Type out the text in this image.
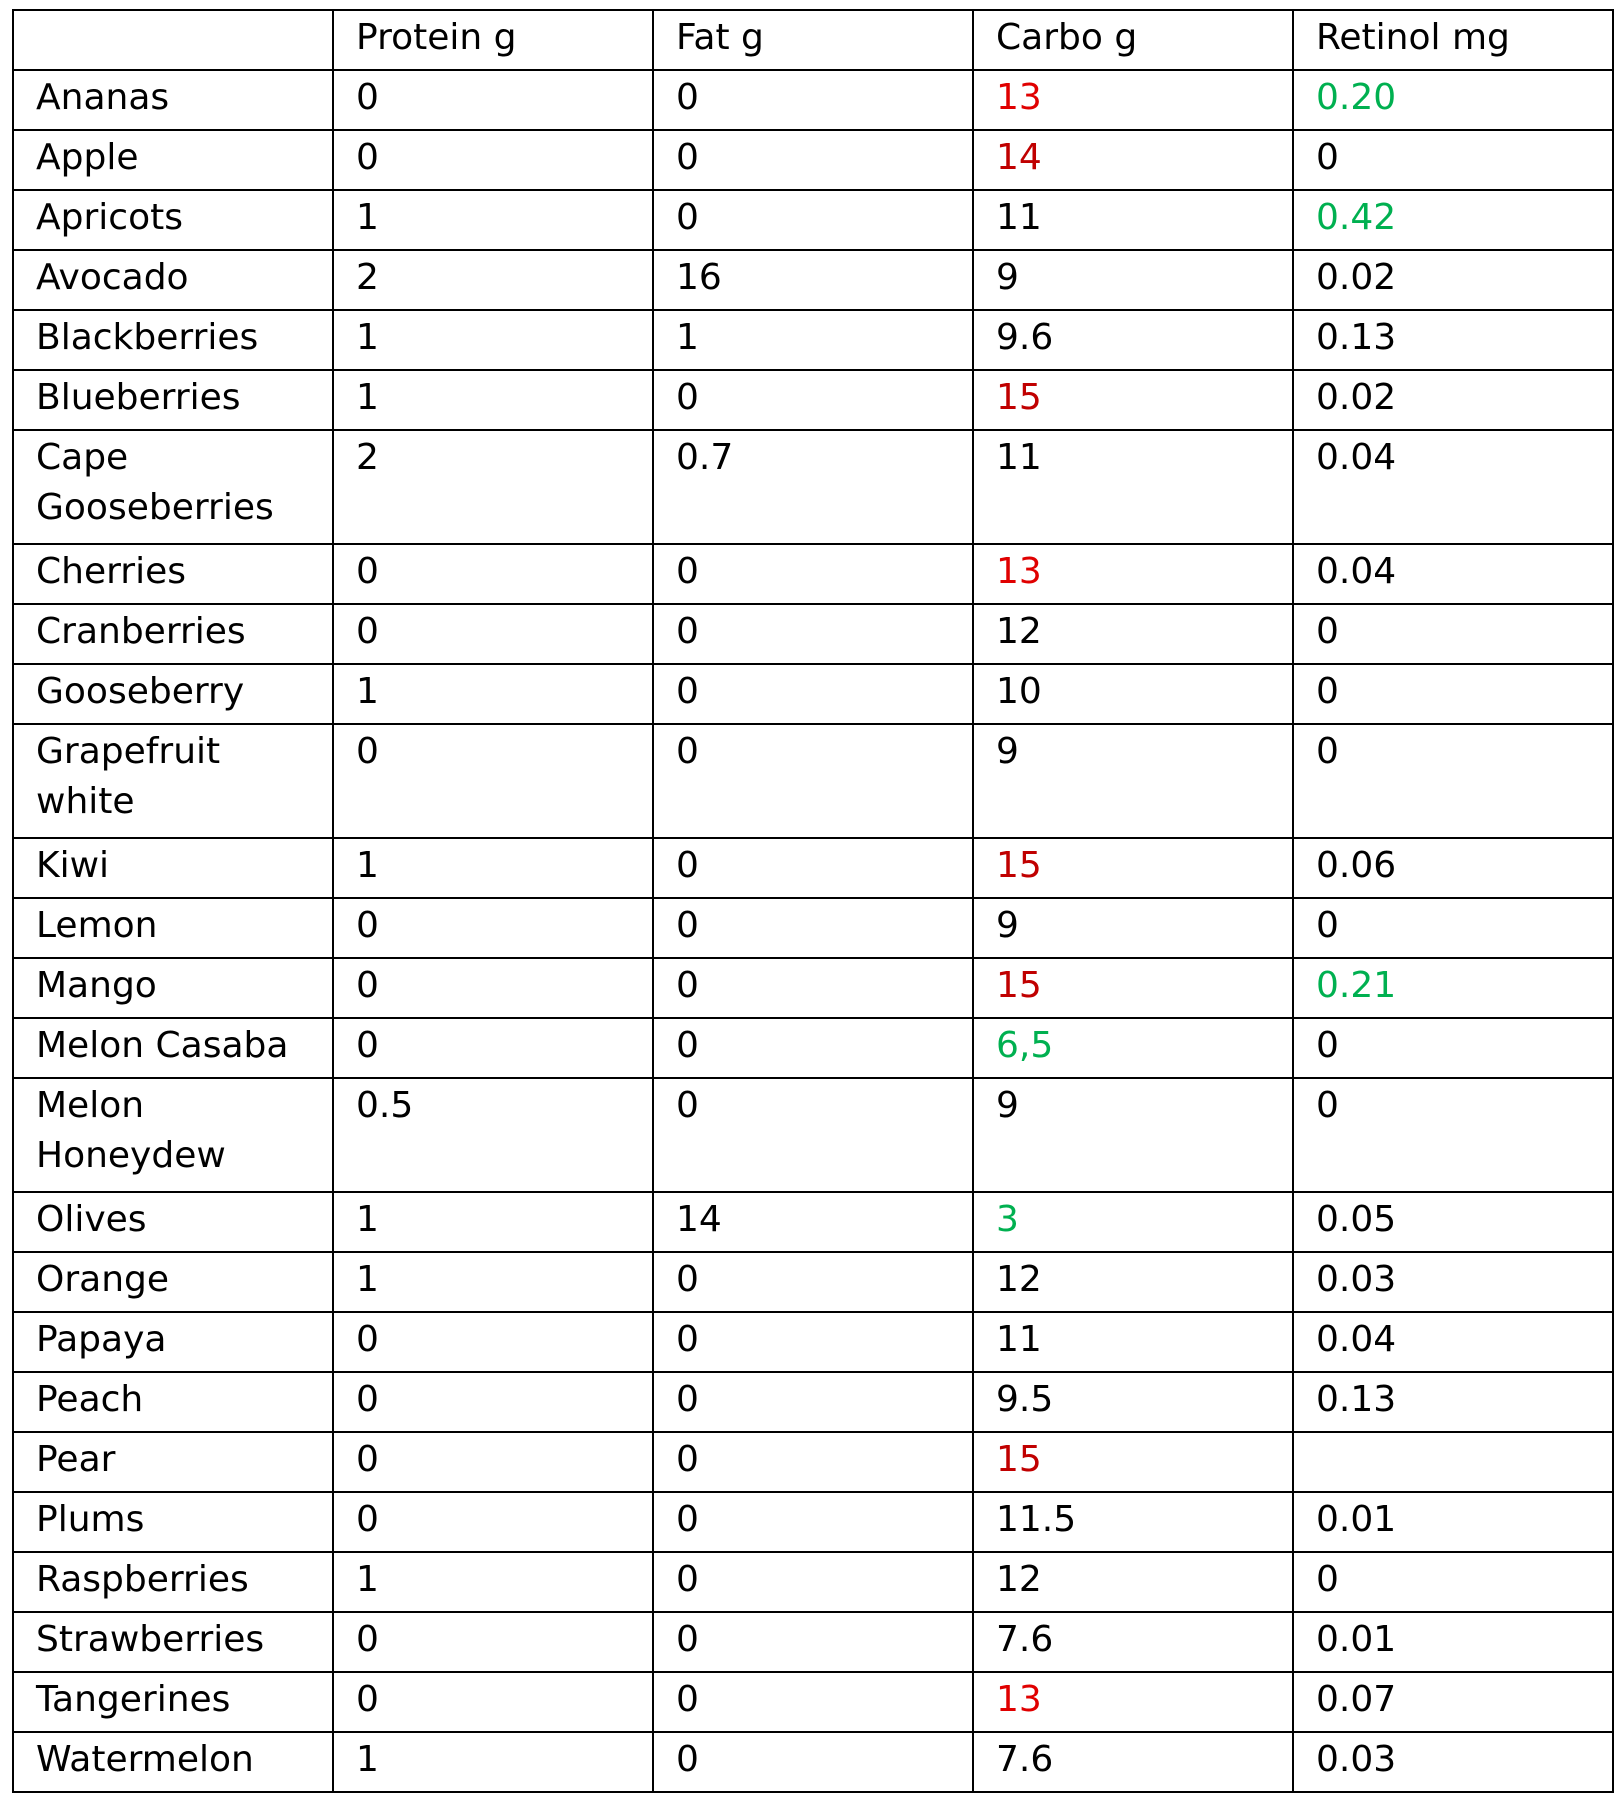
	Protein g	Fat g	Carbo g	Retinol mg
Ananas	0	0	13	0.20
Apple	0	0	14	0
Apricots	1	0	11	0.42
Avocado	2	16	9	0.02
Blackberries	1	1	9.6	0.13
Blueberries	1	0	15	0.02
Cape Gooseberries	2	0.7	11	0.04
Cherries	0	0	13	0.04
Cranberries	0	0	12	0
Gooseberry	1	0	10	0
Grapefruit white	0	0	9	0
Kiwi	1	0	15	0.06
Lemon	0	0	9	0
Mango	0	0	15	0.21
Melon Casaba	0	0	6,5	0
Melon Honeydew	0.5	0	9	0
Olives	1	14	3	0.05
Orange	1	0	12	0.03
Papaya	0	0	11	0.04
Peach	0	0	9.5	0.13
Pear	0	0	15	
Plums	0	0	11.5	0.01
Raspberries	1	0	12	0
Strawberries	0	0	7.6	0.01
Tangerines	0	0	13	0.07
Watermelon	1	0	7.6	0.03
